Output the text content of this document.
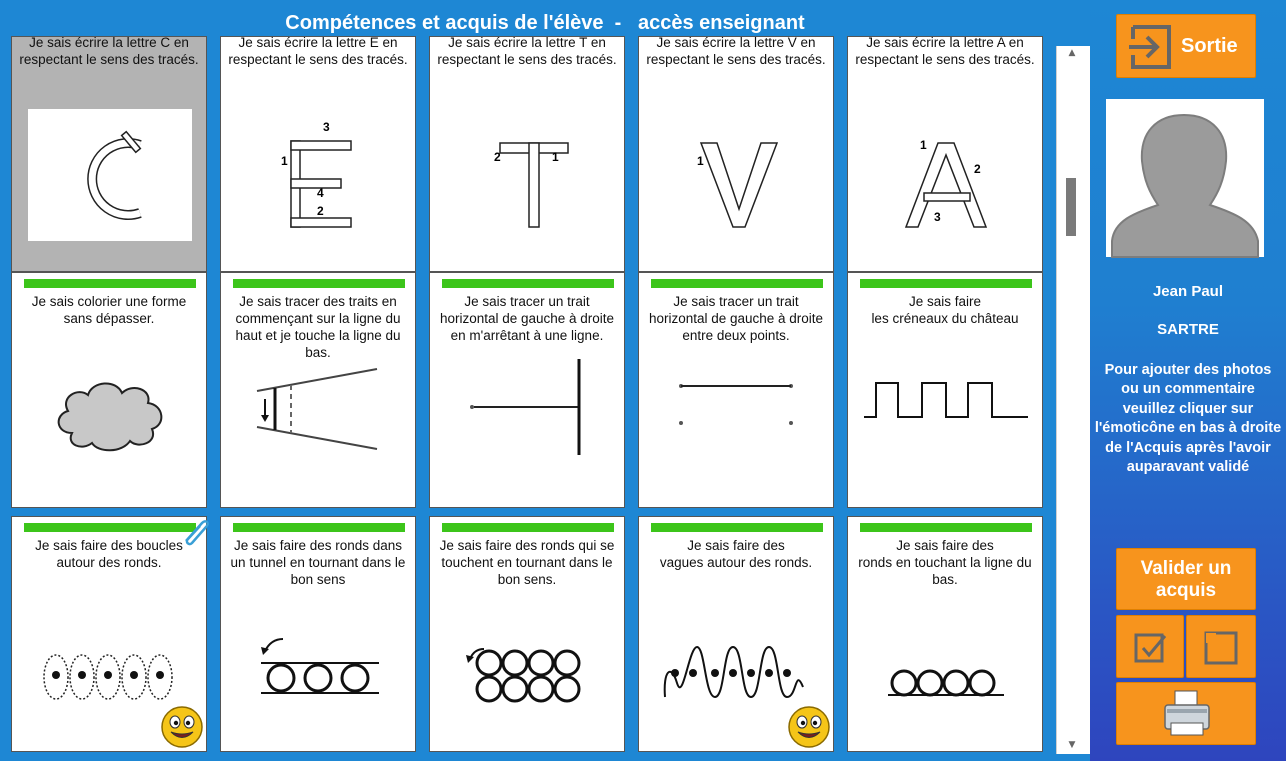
Compétences et acquis de l'élève  -   accès enseignant
Je sais écrire la lettre C en
respectant le sens des tracés.
Je sais écrire la lettre E en
respectant le sens des tracés.
3
1
4
2
Je sais écrire la lettre T en
respectant le sens des tracés.
2	1
Je sais écrire la lettre V en
respectant le sens des tracés.
1
Je sais écrire la lettre A en
respectant le sens des tracés.
1
2
3
Je sais colorier une forme
sans dépasser.
Je sais tracer des traits en
commençant sur la ligne du
haut et je touche la ligne du
bas.
Je sais tracer un trait
horizontal de gauche à droite
en m'arrêtant à une ligne.
Je sais tracer un trait
horizontal de gauche à droite
entre deux points.
Je sais faire
les créneaux du château
Je sais faire des boucles
autour des ronds.
Je sais faire des ronds dans
un tunnel en tournant dans le
bon sens
Je sais faire des ronds qui se
touchent en tournant dans le
bon sens.
Je sais faire des
vagues autour des ronds.
Je sais faire des
ronds en touchant la ligne du
bas.
▲
▼
Sortie
Jean Paul
SARTRE
Pour ajouter des photos ou un commentaire veuillez cliquer sur l'émoticône en bas à droite de l'Acquis après l'avoir auparavant validé
Valider un acquis
